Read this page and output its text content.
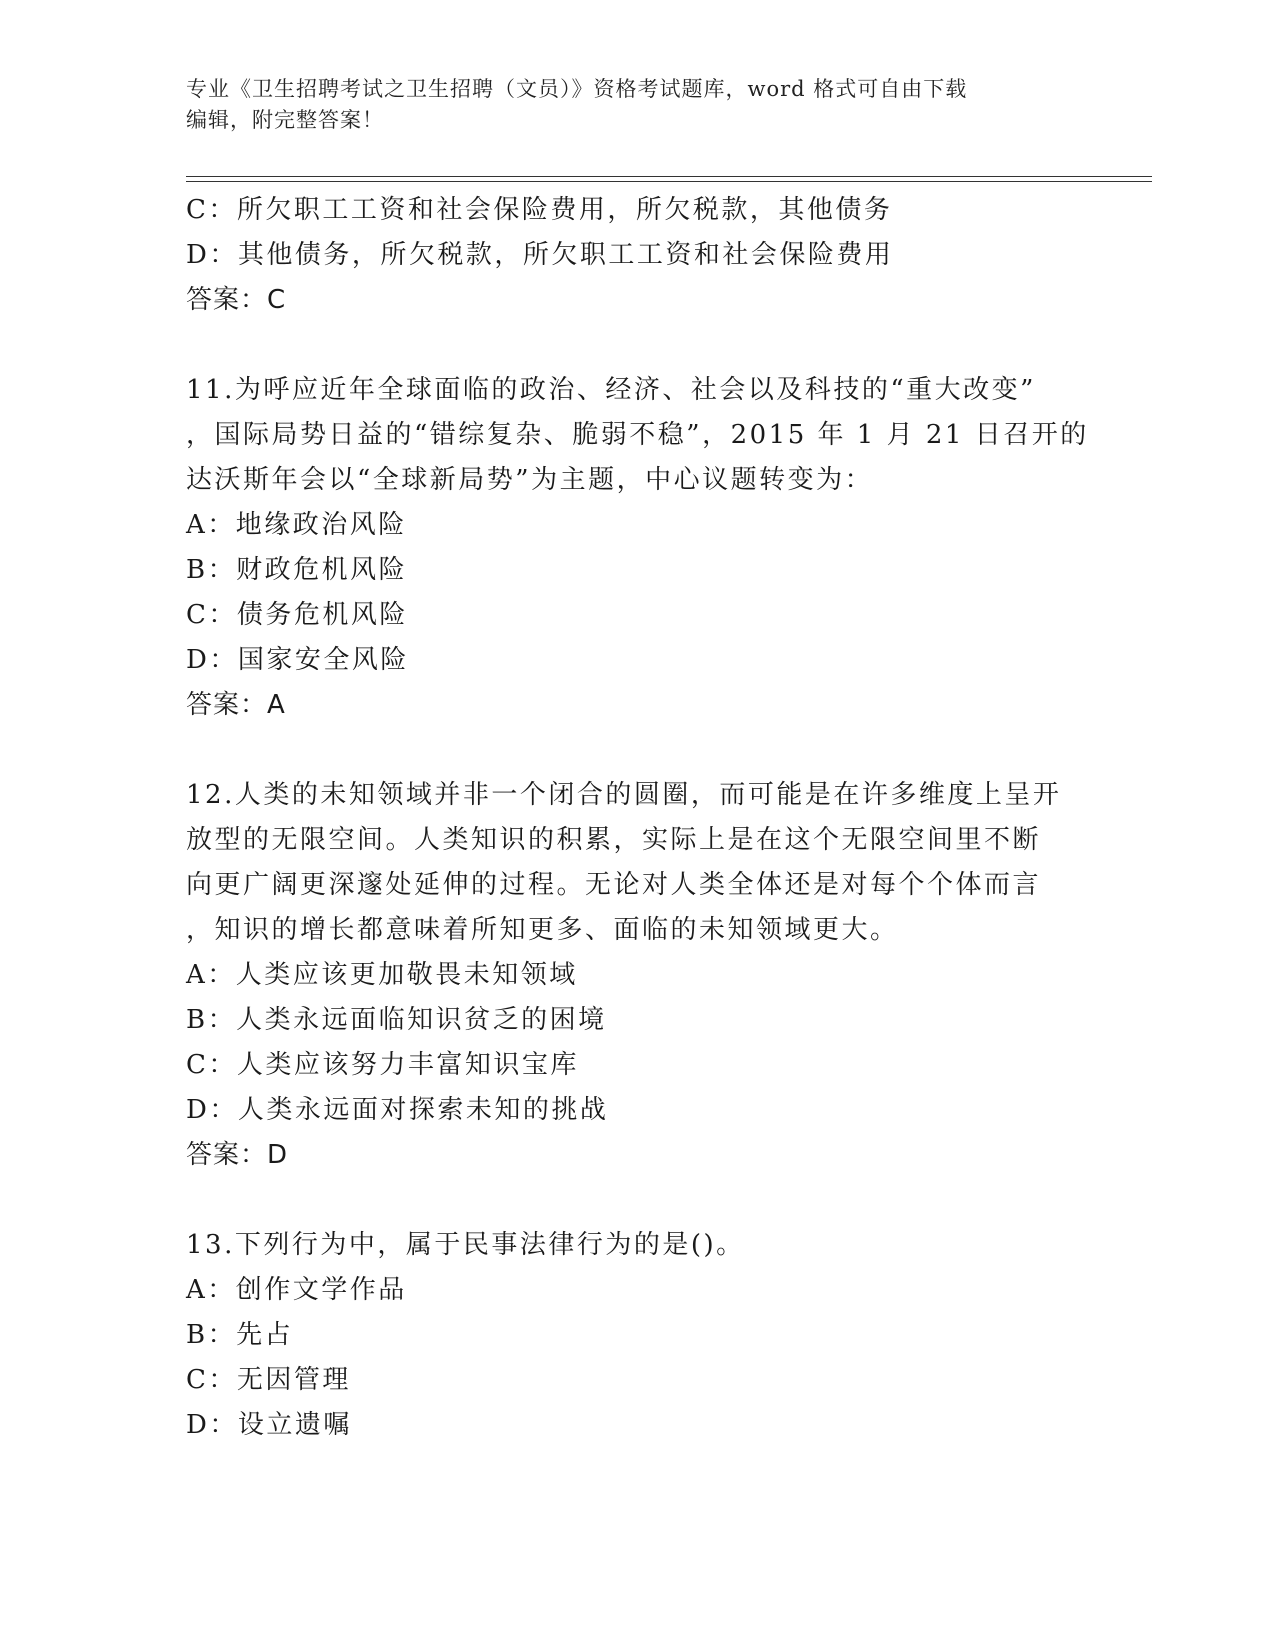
专业《卫生招聘考试之卫生招聘（文员）》资格考试题库，word 格式可自由下载
编辑，附完整答案！
C：所欠职工工资和社会保险费用，所欠税款，其他债务
D：其他债务，所欠税款，所欠职工工资和社会保险费用
答案：C
11.为呼应近年全球面临的政治、经济、社会以及科技的“重大改变”
，国际局势日益的“错综复杂、脆弱不稳”，2015 年 1 月 21 日召开的
达沃斯年会以“全球新局势”为主题，中心议题转变为：
A：地缘政治风险
B：财政危机风险
C：债务危机风险
D：国家安全风险
答案：A
12.人类的未知领域并非一个闭合的圆圈，而可能是在许多维度上呈开
放型的无限空间。人类知识的积累，实际上是在这个无限空间里不断
向更广阔更深邃处延伸的过程。无论对人类全体还是对每个个体而言
，知识的增长都意味着所知更多、面临的未知领域更大。
A：人类应该更加敬畏未知领域
B：人类永远面临知识贫乏的困境
C：人类应该努力丰富知识宝库
D：人类永远面对探索未知的挑战
答案：D
13.下列行为中，属于民事法律行为的是()。
A：创作文学作品
B：先占
C：无因管理
D：设立遗嘱
